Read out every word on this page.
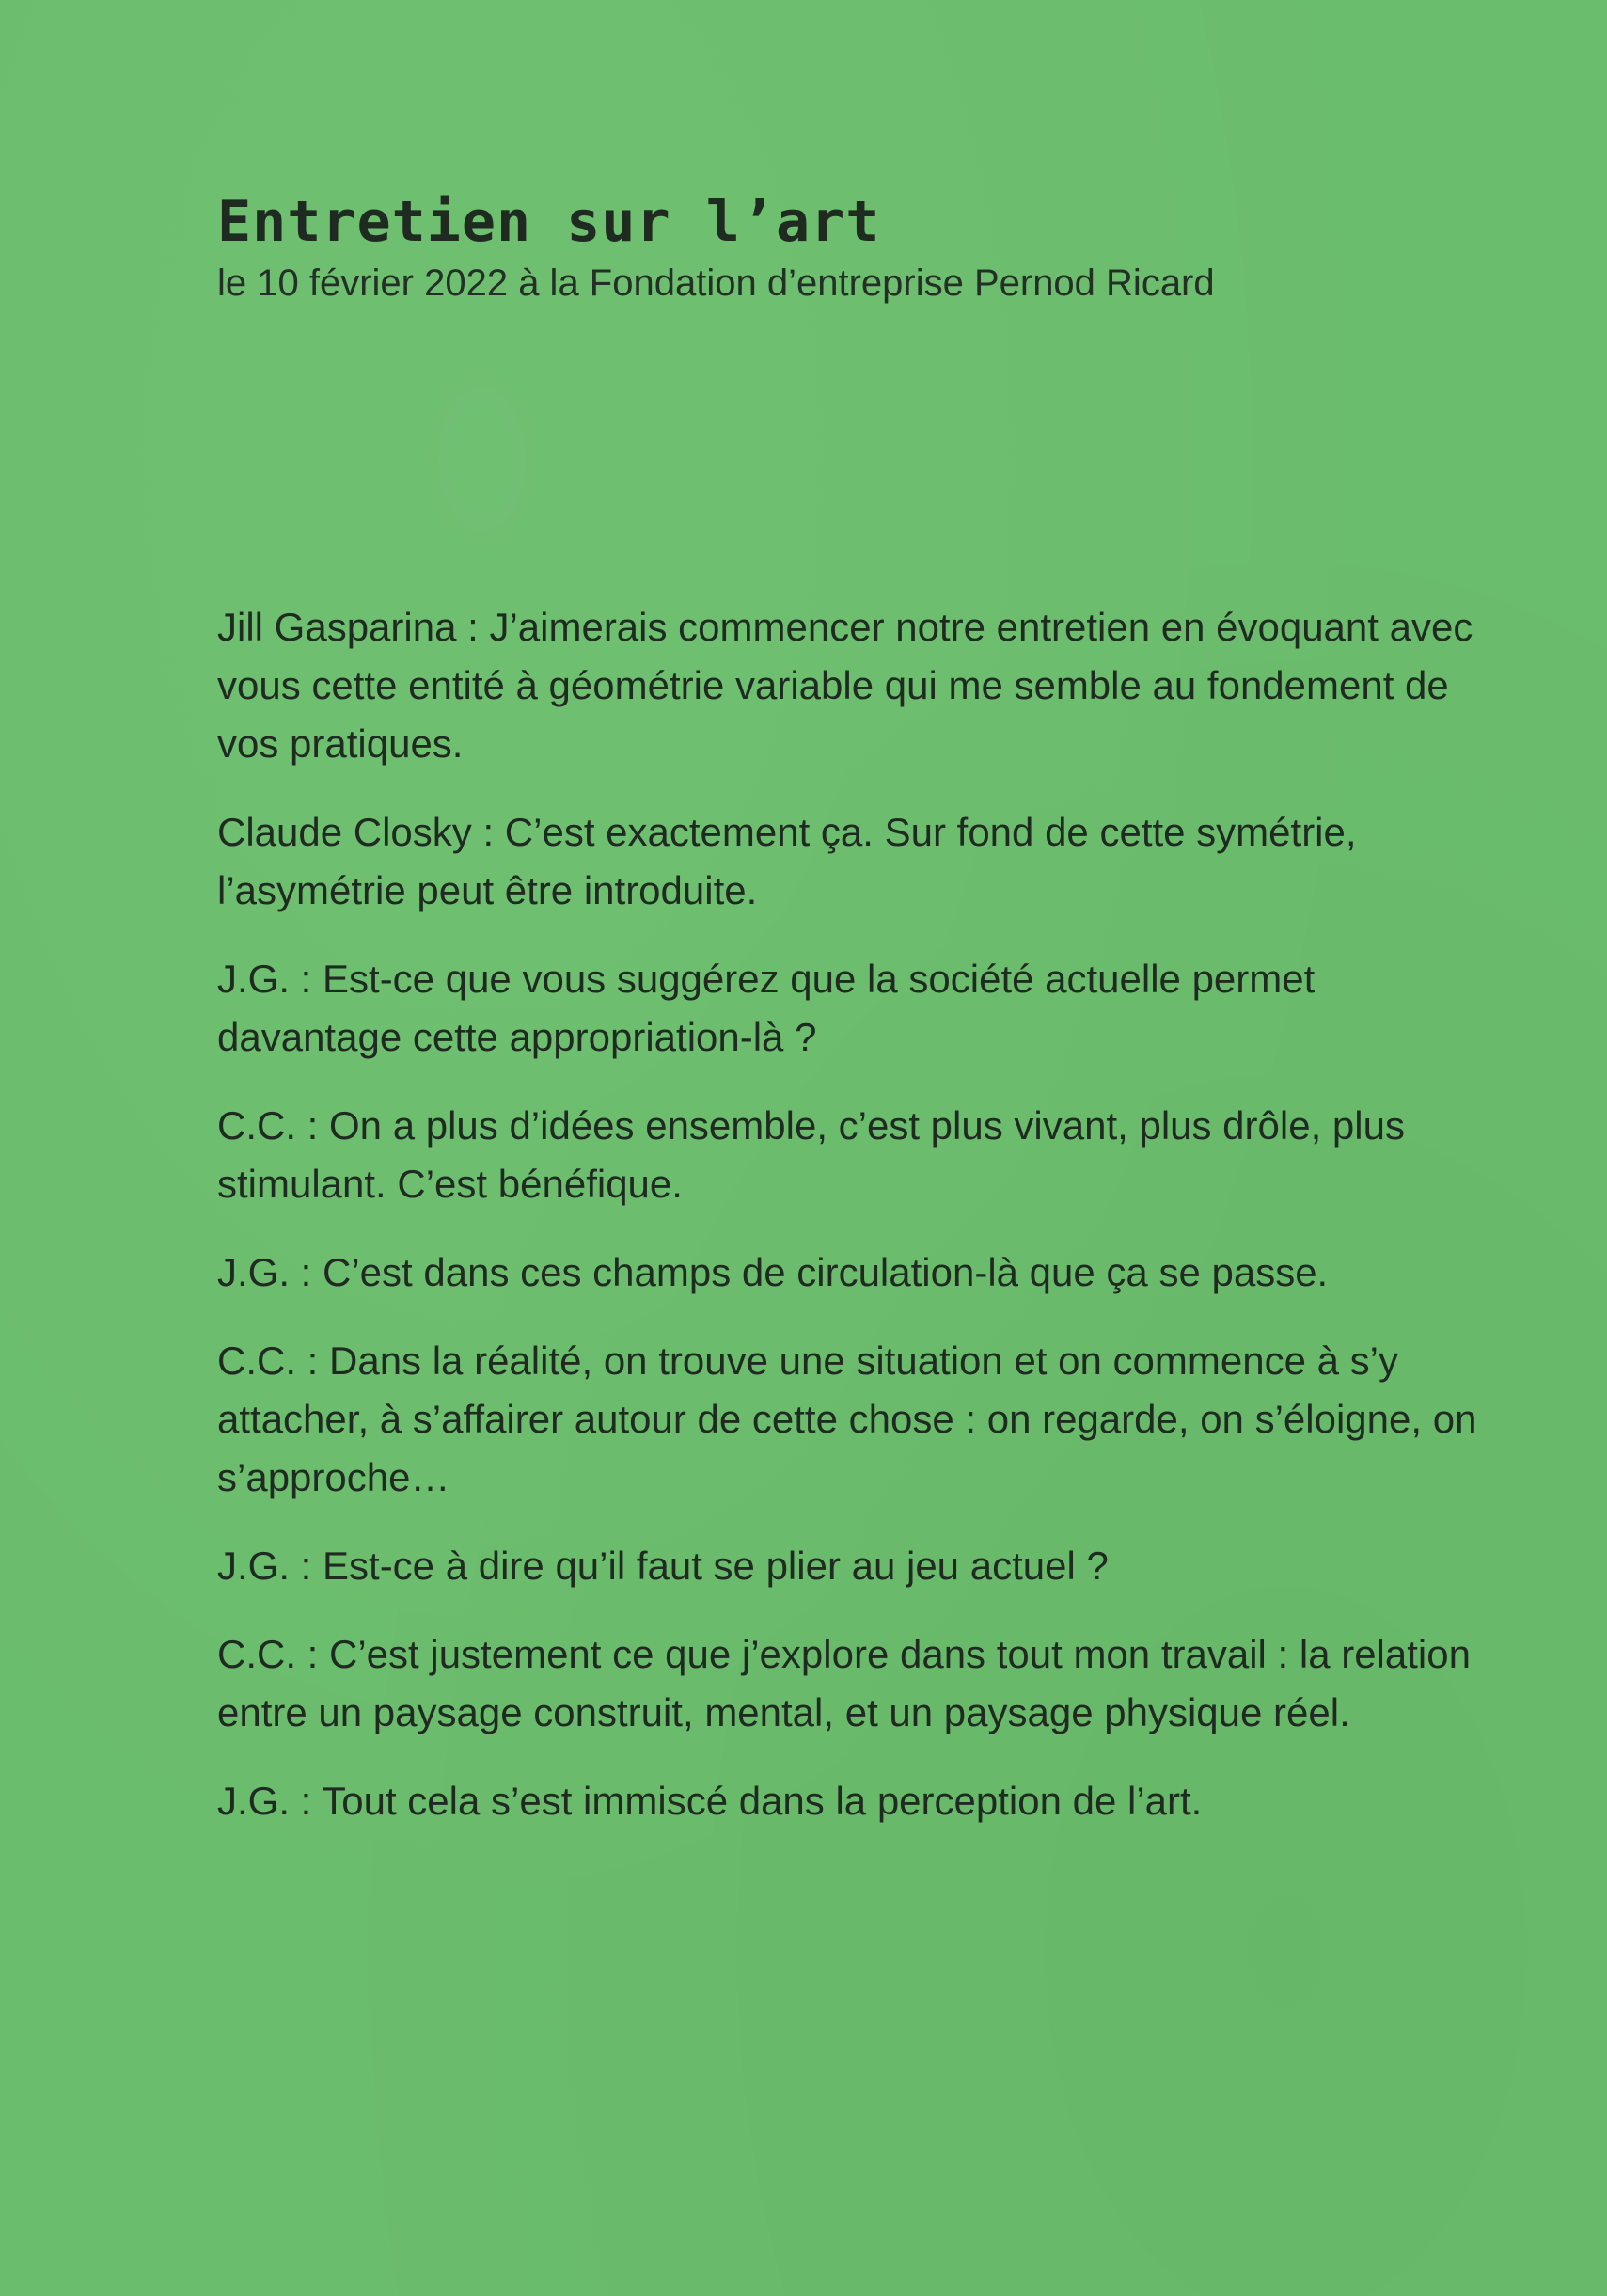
Entretien sur l’art

le 10 février 2022 à la Fondation d’entreprise Pernod Ricard

Jill Gasparina : J’aimerais commencer notre entretien en évoquant avec vous cette entité à géométrie variable qui me semble au fondement de vos pratiques.

Claude Closky : C’est exactement ça. Sur fond de cette symétrie, l’asymétrie peut être introduite.

J.G. : Est-ce que vous suggérez que la société actuelle permet davantage cette appropriation-là ?

C.C. : On a plus d’idées ensemble, c’est plus vivant, plus drôle, plus stimulant. C’est bénéfique.

J.G. : C’est dans ces champs de circulation-là que ça se passe.

C.C. : Dans la réalité, on trouve une situation et on commence à s’y attacher, à s’affairer autour de cette chose : on regarde, on s’éloigne, on s’approche…

J.G. : Est-ce à dire qu’il faut se plier au jeu actuel ?

C.C. : C’est justement ce que j’explore dans tout mon travail : la relation entre un paysage construit, mental, et un paysage physique réel.

J.G. : Tout cela s’est immiscé dans la perception de l’art.
